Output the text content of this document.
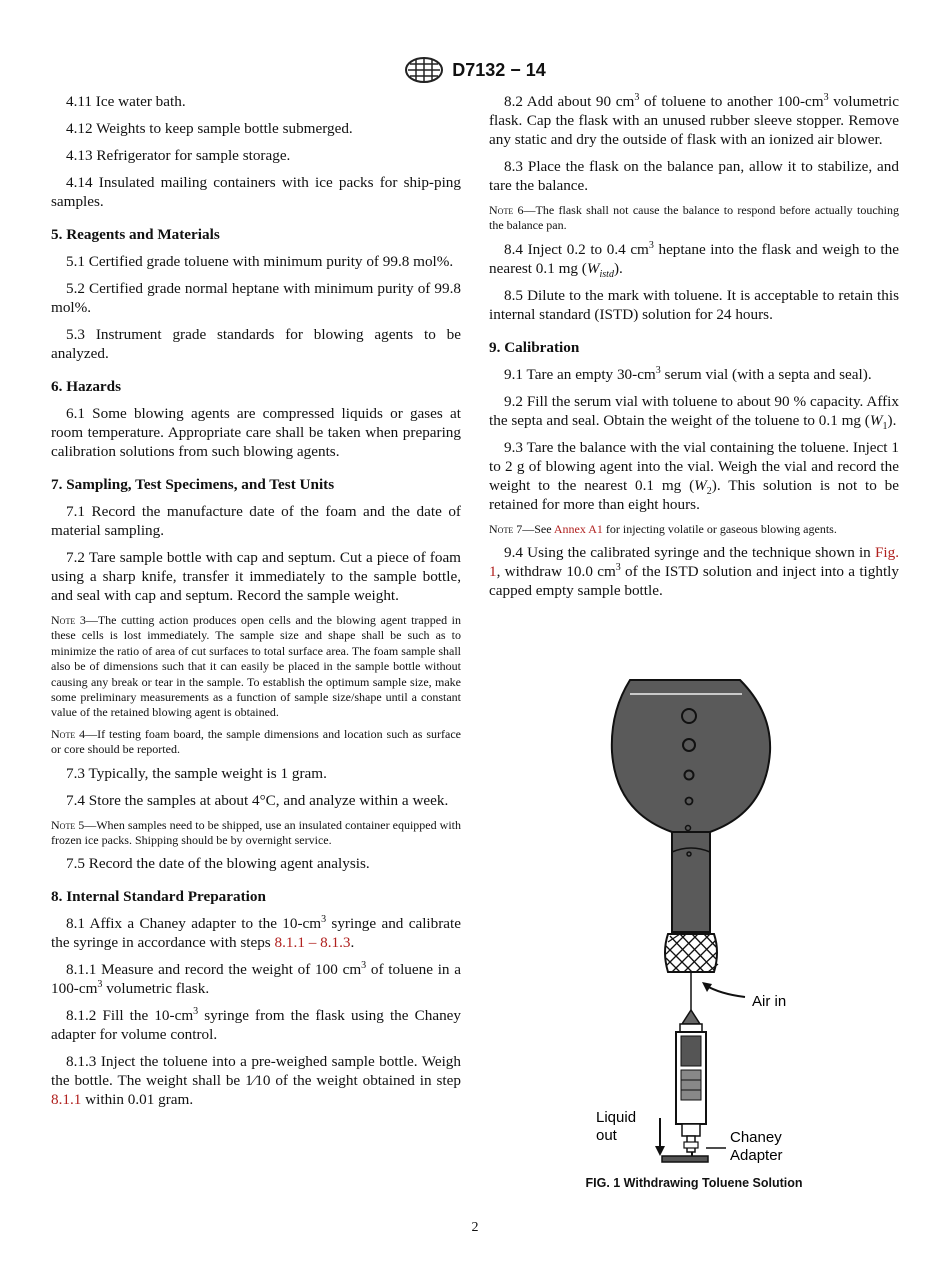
D7132 − 14

4.11 Ice water bath.

4.12 Weights to keep sample bottle submerged.

4.13 Refrigerator for sample storage.

4.14 Insulated mailing containers with ice packs for ship-ping samples.

5. Reagents and Materials

5.1 Certified grade toluene with minimum purity of 99.8 mol%.

5.2 Certified grade normal heptane with minimum purity of 99.8 mol%.

5.3 Instrument grade standards for blowing agents to be analyzed.

6. Hazards

6.1 Some blowing agents are compressed liquids or gases at room temperature. Appropriate care shall be taken when preparing calibration solutions from such blowing agents.

7. Sampling, Test Specimens, and Test Units

7.1 Record the manufacture date of the foam and the date of material sampling.

7.2 Tare sample bottle with cap and septum. Cut a piece of foam using a sharp knife, transfer it immediately to the sample bottle, and seal with cap and septum. Record the sample weight.

Note 3—The cutting action produces open cells and the blowing agent trapped in these cells is lost immediately. The sample size and shape shall be such as to minimize the ratio of area of cut surfaces to total surface area. The foam sample shall also be of dimensions such that it can easily be placed in the sample bottle without causing any break or tear in the sample. To establish the optimum sample size, make some preliminary measurements as a function of sample size/shape until a constant value of the retained blowing agent is obtained.

Note 4—If testing foam board, the sample dimensions and location such as surface or core should be reported.

7.3 Typically, the sample weight is 1 gram.

7.4 Store the samples at about 4°C, and analyze within a week.

Note 5—When samples need to be shipped, use an insulated container equipped with frozen ice packs. Shipping should be by overnight service.

7.5 Record the date of the blowing agent analysis.

8. Internal Standard Preparation

8.1 Affix a Chaney adapter to the $10-cm^3$ syringe and calibrate the syringe in accordance with steps 8.1.1 – 8.1.3.

8.1.1 Measure and record the weight of 100 $cm^3$ of toluene in a $100-cm^3$ volumetric flask.

8.1.2 Fill the $10-cm^3$ syringe from the flask using the Chaney adapter for volume control.

8.1.3 Inject the toluene into a pre-weighed sample bottle. Weigh the bottle. The weight shall be 1⁄10 of the weight obtained in step 8.1.1 within 0.01 gram.

8.2 Add about 90 $cm^3$ of toluene to another $100-cm^3$ volumetric flask. Cap the flask with an unused rubber sleeve stopper. Remove any static and dry the outside of flask with an ionized air blower.

8.3 Place the flask on the balance pan, allow it to stabilize, and tare the balance.

Note 6—The flask shall not cause the balance to respond before actually touching the balance pan.

8.4 Inject 0.2 to 0.4 $cm^3$ heptane into the flask and weigh to the nearest 0.1 mg $(W_{istd})$.

8.5 Dilute to the mark with toluene. It is acceptable to retain this internal standard (ISTD) solution for 24 hours.

9. Calibration

9.1 Tare an empty $30-cm^3$ serum vial (with a septa and seal).

9.2 Fill the serum vial with toluene to about 90 % capacity. Affix the septa and seal. Obtain the weight of the toluene to 0.1 mg $(W_1)$.

9.3 Tare the balance with the vial containing the toluene. Inject 1 to 2 g of blowing agent into the vial. Weigh the vial and record the weight to the nearest 0.1 mg $(W_2)$. This solution is not to be retained for more than eight hours.

Note 7—See Annex A1 for injecting volatile or gaseous blowing agents.

9.4 Using the calibrated syringe and the technique shown in Fig. 1, withdraw 10.0 $cm^3$ of the ISTD solution and inject into a tightly capped empty sample bottle.

Air in
Liquid
out	Chaney
Adapter
FIG. 1 Withdrawing Toluene Solution
2
